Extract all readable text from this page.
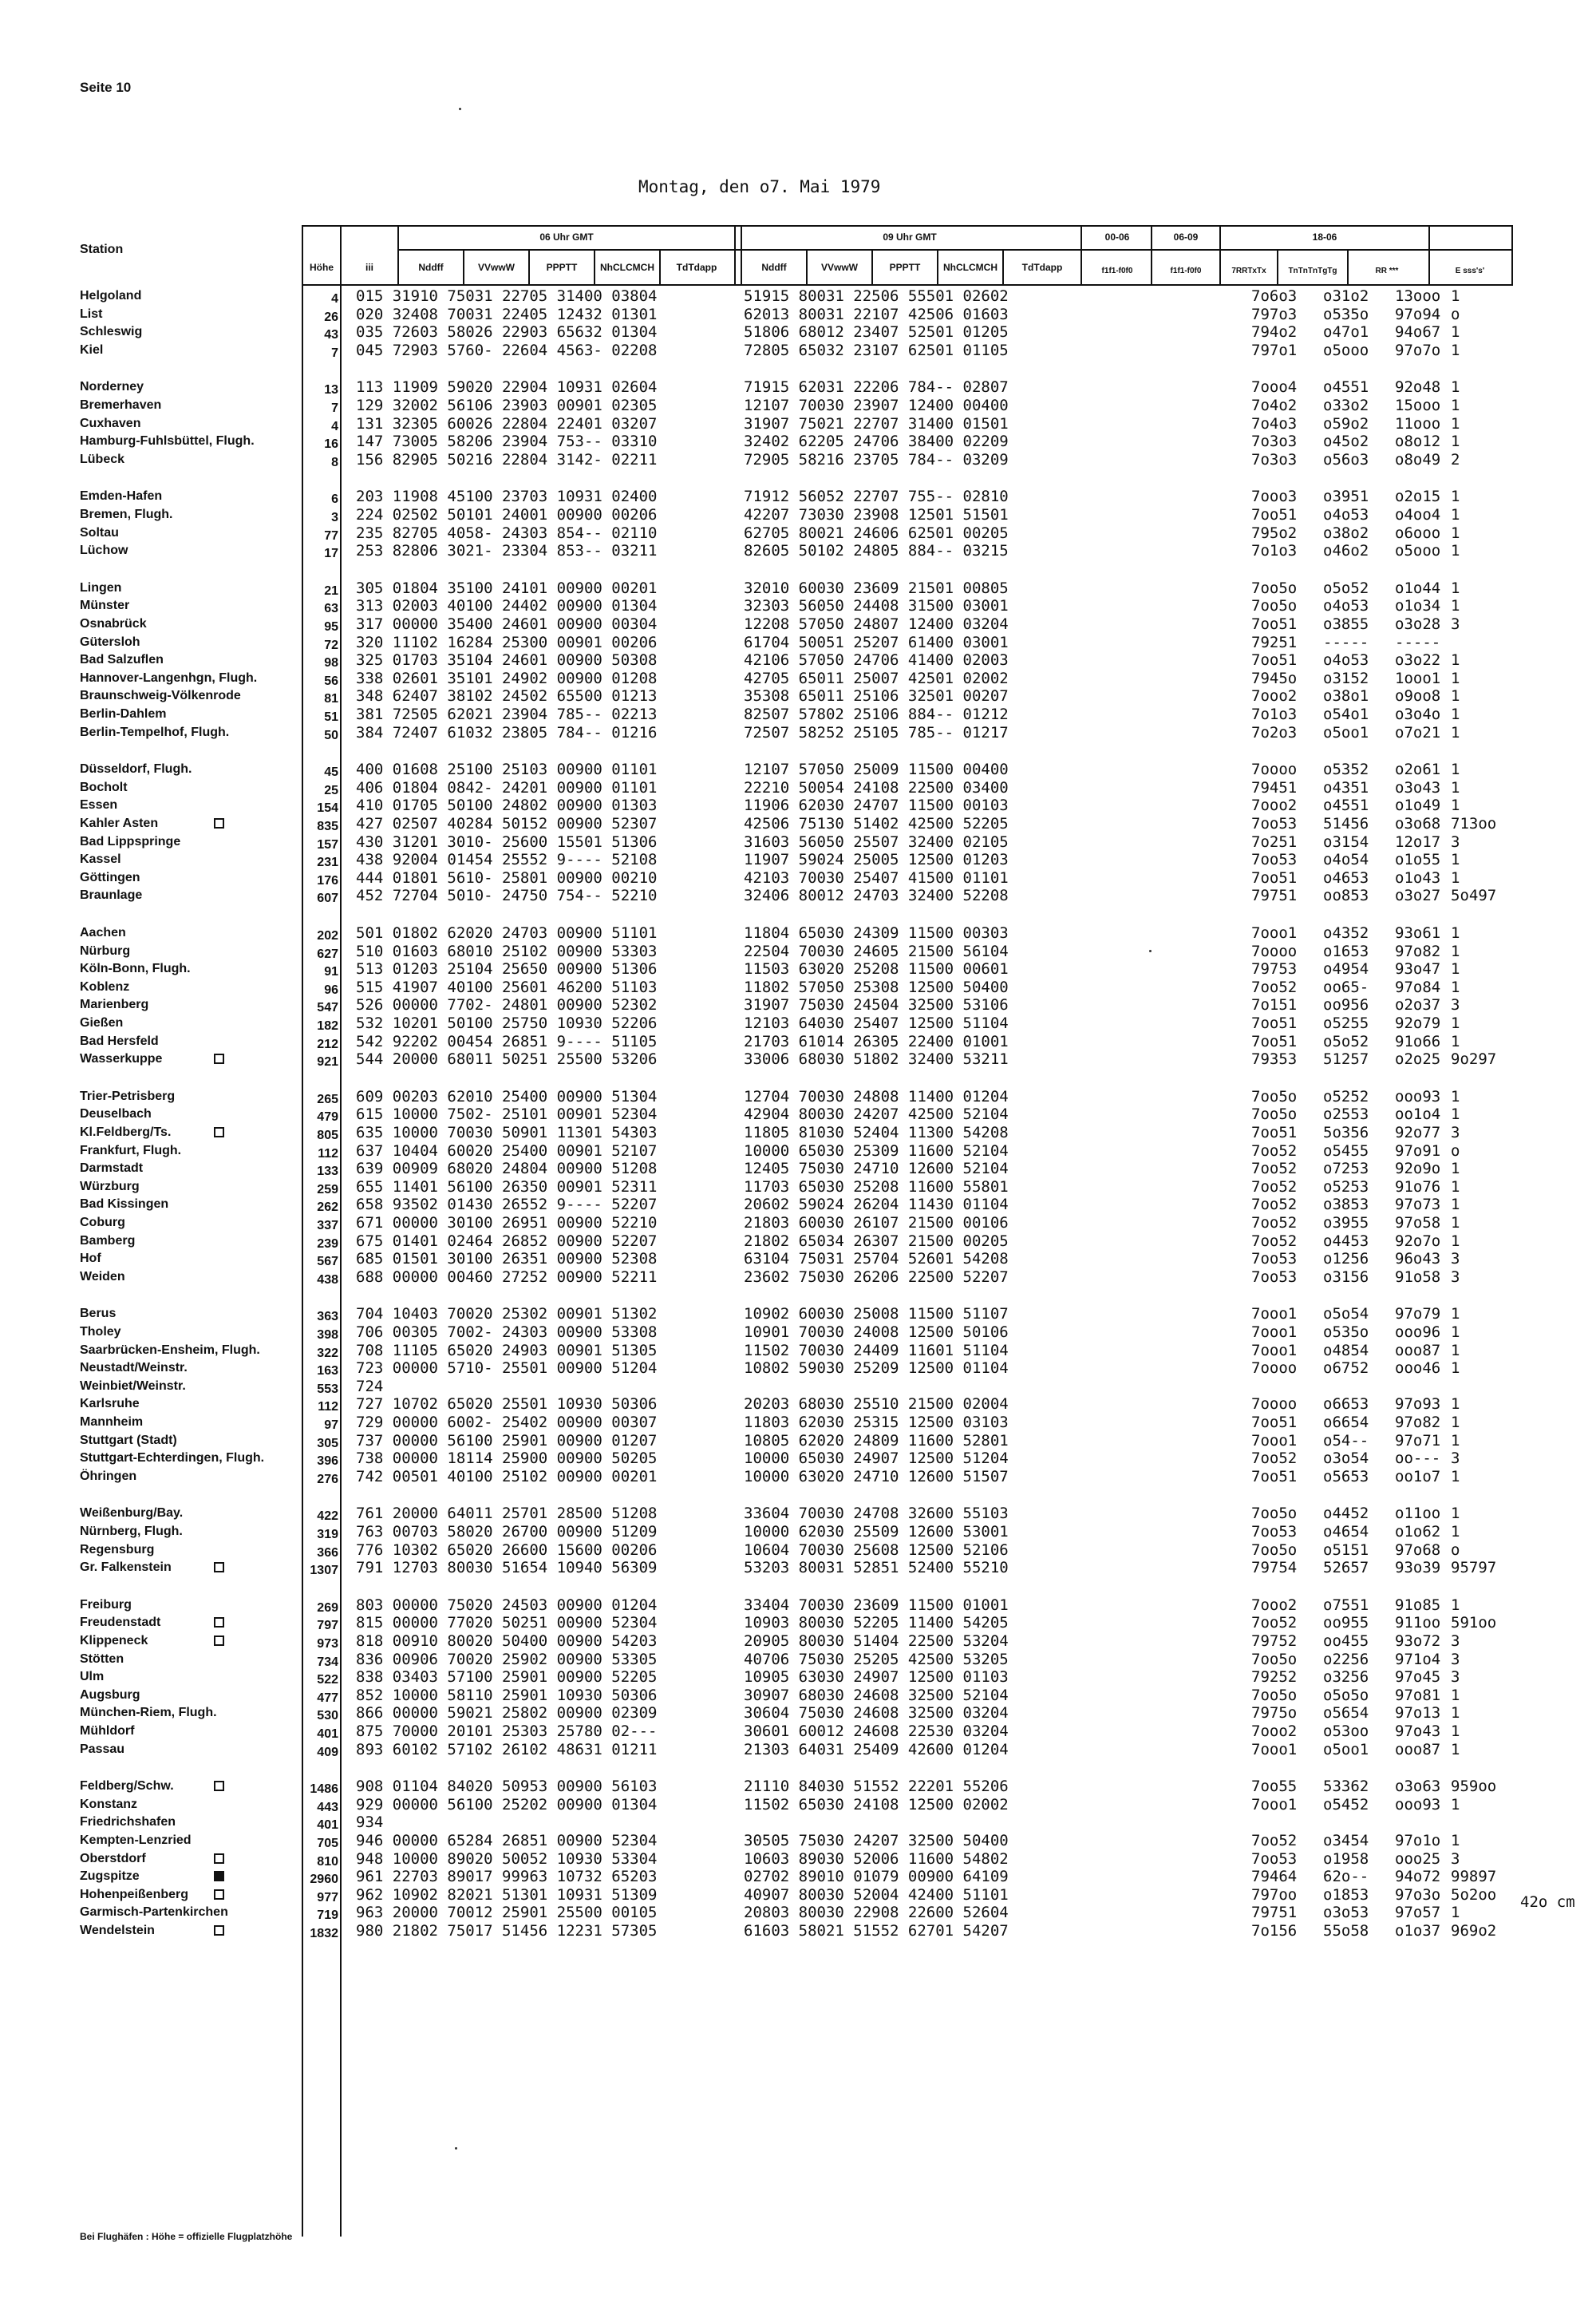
Seite 10
Montag, den o7. Mai 1979
Station
Höhe	iii
06 Uhr GMT	09 Uhr GMT
Nddff	VVwwW	PPPTT	NhCLCMCH	TdTdapp	Nddff	VVwwW	PPPTT	NhCLCMCH	TdTdapp
00-06	06-09	18-06
f1f1-f0f0	f1f1-f0f0	7RRTxTx	TnTnTnTgTg	RR ***	E sss's'
Helgoland	4 015 31910 75031 22705 31400 03804	51915 80031 22506 55501 02602	7o6o3 o31o2 13ooo 1
List	26 020 32408 70031 22405 12432 01301	62013 80031 22107 42506 01603	797o3 o535o 97o94 o
Schleswig	43 035 72603 58026 22903 65632 01304	51806 68012 23407 52501 01205	794o2 o47o1 94o67 1
Kiel	7 045 72903 5760- 22604 4563- 02208	72805 65032 23107 62501 01105	797o1 o5ooo 97o7o 1
Norderney	13 113 11909 59020 22904 10931 02604	71915 62031 22206 784-- 02807	7ooo4 o4551 92o48 1
Bremerhaven	7 129 32002 56106 23903 00901 02305	12107 70030 23907 12400 00400	7o4o2 o33o2 15ooo 1
Cuxhaven	4 131 32305 60026 22804 22401 03207	31907 75021 22707 31400 01501	7o4o3 o59o2 11ooo 1
Hamburg-Fuhlsbüttel, Flugh.	16 147 73005 58206 23904 753-- 03310	32402 62205 24706 38400 02209	7o3o3 o45o2 o8o12 1
Lübeck	8 156 82905 50216 22804 3142- 02211	72905 58216 23705 784-- 03209	7o3o3 o56o3 o8o49 2
Emden-Hafen	6 203 11908 45100 23703 10931 02400	71912 56052 22707 755-- 02810	7ooo3 o3951 o2o15 1
Bremen, Flugh.	3 224 02502 50101 24001 00900 00206	42207 73030 23908 12501 51501	7oo51 o4o53 o4oo4 1
Soltau	77 235 82705 4058- 24303 854-- 02110	62705 80021 24606 62501 00205	795o2 o38o2 o6ooo 1
Lüchow	17 253 82806 3021- 23304 853-- 03211	82605 50102 24805 884-- 03215	7o1o3 o46o2 o5ooo 1
Lingen	21 305 01804 35100 24101 00900 00201	32010 60030 23609 21501 00805	7oo5o o5o52 o1o44 1
Münster	63 313 02003 40100 24402 00900 01304	32303 56050 24408 31500 03001	7oo5o o4o53 o1o34 1
Osnabrück	95 317 00000 35400 24601 00900 00304	12208 57050 24807 12400 03204	7oo51 o3855 o3o28 3
Gütersloh	72 320 11102 16284 25300 00901 00206	61704 50051 25207 61400 03001	79251 ----- -----
Bad Salzuflen	98 325 01703 35104 24601 00900 50308	42106 57050 24706 41400 02003	7oo51 o4o53 o3o22 1
Hannover-Langenhgn, Flugh.	56 338 02601 35101 24902 00900 01208	42705 65011 25007 42501 02002	7945o o3152 1ooo1 1
Braunschweig-Völkenrode	81 348 62407 38102 24502 65500 01213	35308 65011 25106 32501 00207	7ooo2 o38o1 o9oo8 1
Berlin-Dahlem	51 381 72505 62021 23904 785-- 02213	82507 57802 25106 884-- 01212	7o1o3 o54o1 o3o4o 1
Berlin-Tempelhof, Flugh.	50 384 72407 61032 23805 784-- 01216	72507 58252 25105 785-- 01217	7o2o3 o5oo1 o7o21 1
Düsseldorf, Flugh.	45 400 01608 25100 25103 00900 01101	12107 57050 25009 11500 00400	7oooo o5352 o2o61 1
Bocholt	25 406 01804 0842- 24201 00900 01101	22210 50054 24108 22500 03400	79451 o4351 o3o43 1
Essen	154 410 01705 50100 24802 00900 01303	11906 62030 24707 11500 00103	7ooo2 o4551 o1o49 1
Kahler Asten	835 427 02507 40284 50152 00900 52307	42506 75130 51402 42500 52205	7oo53 51456 o3o68 713oo
Bad Lippspringe	157 430 31201 3010- 25600 15501 51306	31603 56050 25507 32400 02105	7o251 o3154 12o17 3
Kassel	231 438 92004 01454 25552 9---- 52108	11907 59024 25005 12500 01203	7oo53 o4o54 o1o55 1
Göttingen	176 444 01801 5610- 25801 00900 00210	42103 70030 25407 41500 01101	7oo51 o4653 o1o43 1
Braunlage	607 452 72704 5010- 24750 754-- 52210	32406 80012 24703 32400 52208	79751 oo853 o3o27 5o497
Aachen	202 501 01802 62020 24703 00900 51101	11804 65030 24309 11500 00303	7ooo1 o4352 93o61 1
Nürburg	627 510 01603 68010 25102 00900 53303	22504 70030 24605 21500 56104	7oooo o1653 97o82 1
Köln-Bonn, Flugh.	91 513 01203 25104 25650 00900 51306	11503 63020 25208 11500 00601	79753 o4954 93o47 1
Koblenz	96 515 41907 40100 25601 46200 51103	11802 57050 25308 12500 50400	7oo52 oo65- 97o84 1
Marienberg	547 526 00000 7702- 24801 00900 52302	31907 75030 24504 32500 53106	7o151 oo956 o2o37 3
Gießen	182 532 10201 50100 25750 10930 52206	12103 64030 25407 12500 51104	7oo51 o5255 92o79 1
Bad Hersfeld	212 542 92202 00454 26851 9---- 51105	21703 61014 26305 22400 01001	7oo51 o5o52 91o66 1
Wasserkuppe	921 544 20000 68011 50251 25500 53206	33006 68030 51802 32400 53211	79353 51257 o2o25 9o297
Trier-Petrisberg	265 609 00203 62010 25400 00900 51304	12704 70030 24808 11400 01204	7oo5o o5252 ooo93 1
Deuselbach	479 615 10000 7502- 25101 00901 52304	42904 80030 24207 42500 52104	7oo5o o2553 oo1o4 1
Kl.Feldberg/Ts.	805 635 10000 70030 50901 11301 54303	11805 81030 52404 11300 54208	7oo51 5o356 92o77 3
Frankfurt, Flugh.	112 637 10404 60020 25400 00901 52107	10000 65030 25309 11600 52104	7oo52 o5455 97o91 o
Darmstadt	133 639 00909 68020 24804 00900 51208	12405 75030 24710 12600 52104	7oo52 o7253 92o9o 1
Würzburg	259 655 11401 56100 26350 00901 52311	11703 65030 25208 11600 55801	7oo52 o5253 91o76 1
Bad Kissingen	262 658 93502 01430 26552 9---- 52207	20602 59024 26204 11430 01104	7oo52 o3853 97o73 1
Coburg	337 671 00000 30100 26951 00900 52210	21803 60030 26107 21500 00106	7oo52 o3955 97o58 1
Bamberg	239 675 01401 02464 26852 00900 52207	21802 65034 26307 21500 00205	7oo52 o4453 92o7o 1
Hof	567 685 01501 30100 26351 00900 52308	63104 75031 25704 52601 54208	7oo53 o1256 96o43 3
Weiden	438 688 00000 00460 27252 00900 52211	23602 75030 26206 22500 52207	7oo53 o3156 91o58 3
Berus	363 704 10403 70020 25302 00901 51302	10902 60030 25008 11500 51107	7ooo1 o5o54 97o79 1
Tholey	398 706 00305 7002- 24303 00900 53308	10901 70030 24008 12500 50106	7ooo1 o535o ooo96 1
Saarbrücken-Ensheim, Flugh.	322 708 11105 65020 24903 00901 51305	11502 70030 24409 11601 51104	7ooo1 o4854 ooo87 1
Neustadt/Weinstr.	163 723 00000 5710- 25501 00900 51204	10802 59030 25209 12500 01104	7oooo o6752 ooo46 1
Weinbiet/Weinstr.	553 724
Karlsruhe	112 727 10702 65020 25501 10930 50306	20203 68030 25510 21500 02004	7oooo o6653 97o93 1
Mannheim	97 729 00000 6002- 25402 00900 00307	11803 62030 25315 12500 03103	7oo51 o6654 97o82 1
Stuttgart (Stadt)	305 737 00000 56100 25901 00900 01207	10805 62020 24809 11600 52801	7ooo1 o54-- 97o71 1
Stuttgart-Echterdingen, Flugh.	396 738 00000 18114 25900 00900 50205	10000 65030 24907 12500 51204	7oo52 o3o54 oo--- 3
Öhringen	276 742 00501 40100 25102 00900 00201	10000 63020 24710 12600 51507	7oo51 o5653 oo1o7 1
Weißenburg/Bay.	422 761 20000 64011 25701 28500 51208	33604 70030 24708 32600 55103	7oo5o o4452 o11oo 1
Nürnberg, Flugh.	319 763 00703 58020 26700 00900 51209	10000 62030 25509 12600 53001	7oo53 o4654 o1o62 1
Regensburg	366 776 10302 65020 26600 15600 00206	10604 70030 25608 12500 52106	7oo5o o5151 97o68 o
Gr. Falkenstein	1307 791 12703 80030 51654 10940 56309	53203 80031 52851 52400 55210	79754 52657 93o39 95797
Freiburg	269 803 00000 75020 24503 00900 01204	33404 70030 23609 11500 01001	7ooo2 o7551 91o85 1
Freudenstadt	797 815 00000 77020 50251 00900 52304	10903 80030 52205 11400 54205	7oo52 oo955 911oo 591oo
Klippeneck	973 818 00910 80020 50400 00900 54203	20905 80030 51404 22500 53204	79752 oo455 93o72 3
Stötten	734 836 00906 70020 25902 00900 53305	40706 75030 25205 42500 53205	7oo5o o2256 971o4 3
Ulm	522 838 03403 57100 25901 00900 52205	10905 63030 24907 12500 01103	79252 o3256 97o45 3
Augsburg	477 852 10000 58110 25901 10930 50306	30907 68030 24608 32500 52104	7oo5o o5o5o 97o81 1
München-Riem, Flugh.	530 866 00000 59021 25802 00900 02309	30604 75030 24608 32500 03204	7975o o5654 97o13 1
Mühldorf	401 875 70000 20101 25303 25780 02---	30601 60012 24608 22530 03204	7ooo2 o53oo 97o43 1
Passau	409 893 60102 57102 26102 48631 01211	21303 64031 25409 42600 01204	7ooo1 o5oo1 ooo87 1
Feldberg/Schw.	1486 908 01104 84020 50953 00900 56103	21110 84030 51552 22201 55206	7oo55 53362 o3o63 959oo
Konstanz	443 929 00000 56100 25202 00900 01304	11502 65030 24108 12500 02002	7ooo1 o5452 ooo93 1
Friedrichshafen	401 934
Kempten-Lenzried	705 946 00000 65284 26851 00900 52304	30505 75030 24207 32500 50400	7oo52 o3454 97o1o 1
Oberstdorf	810 948 10000 89020 50052 10930 53304	10603 89030 52006 11600 54802	7oo53 o1958 ooo25 3
Zugspitze	2960 961 22703 89017 99963 10732 65203	02702 89010 01079 00900 64109	79464 62o-- 94o72 99897
Hohenpeißenberg	977 962 10902 82021 51301 10931 51309	40907 80030 52004 42400 51101	797oo o1853 97o3o 5o2oo
Garmisch-Partenkirchen	719 963 20000 70012 25901 25500 00105	20803 80030 22908 22600 52604	79751 o3o53 97o57 1
Wendelstein	1832 980 21802 75017 51456 12231 57305	61603 58021 51552 62701 54207	7o156 55o58 o1o37 969o2
42o cm
Bei Flughäfen : Höhe = offizielle Flugplatzhöhe
